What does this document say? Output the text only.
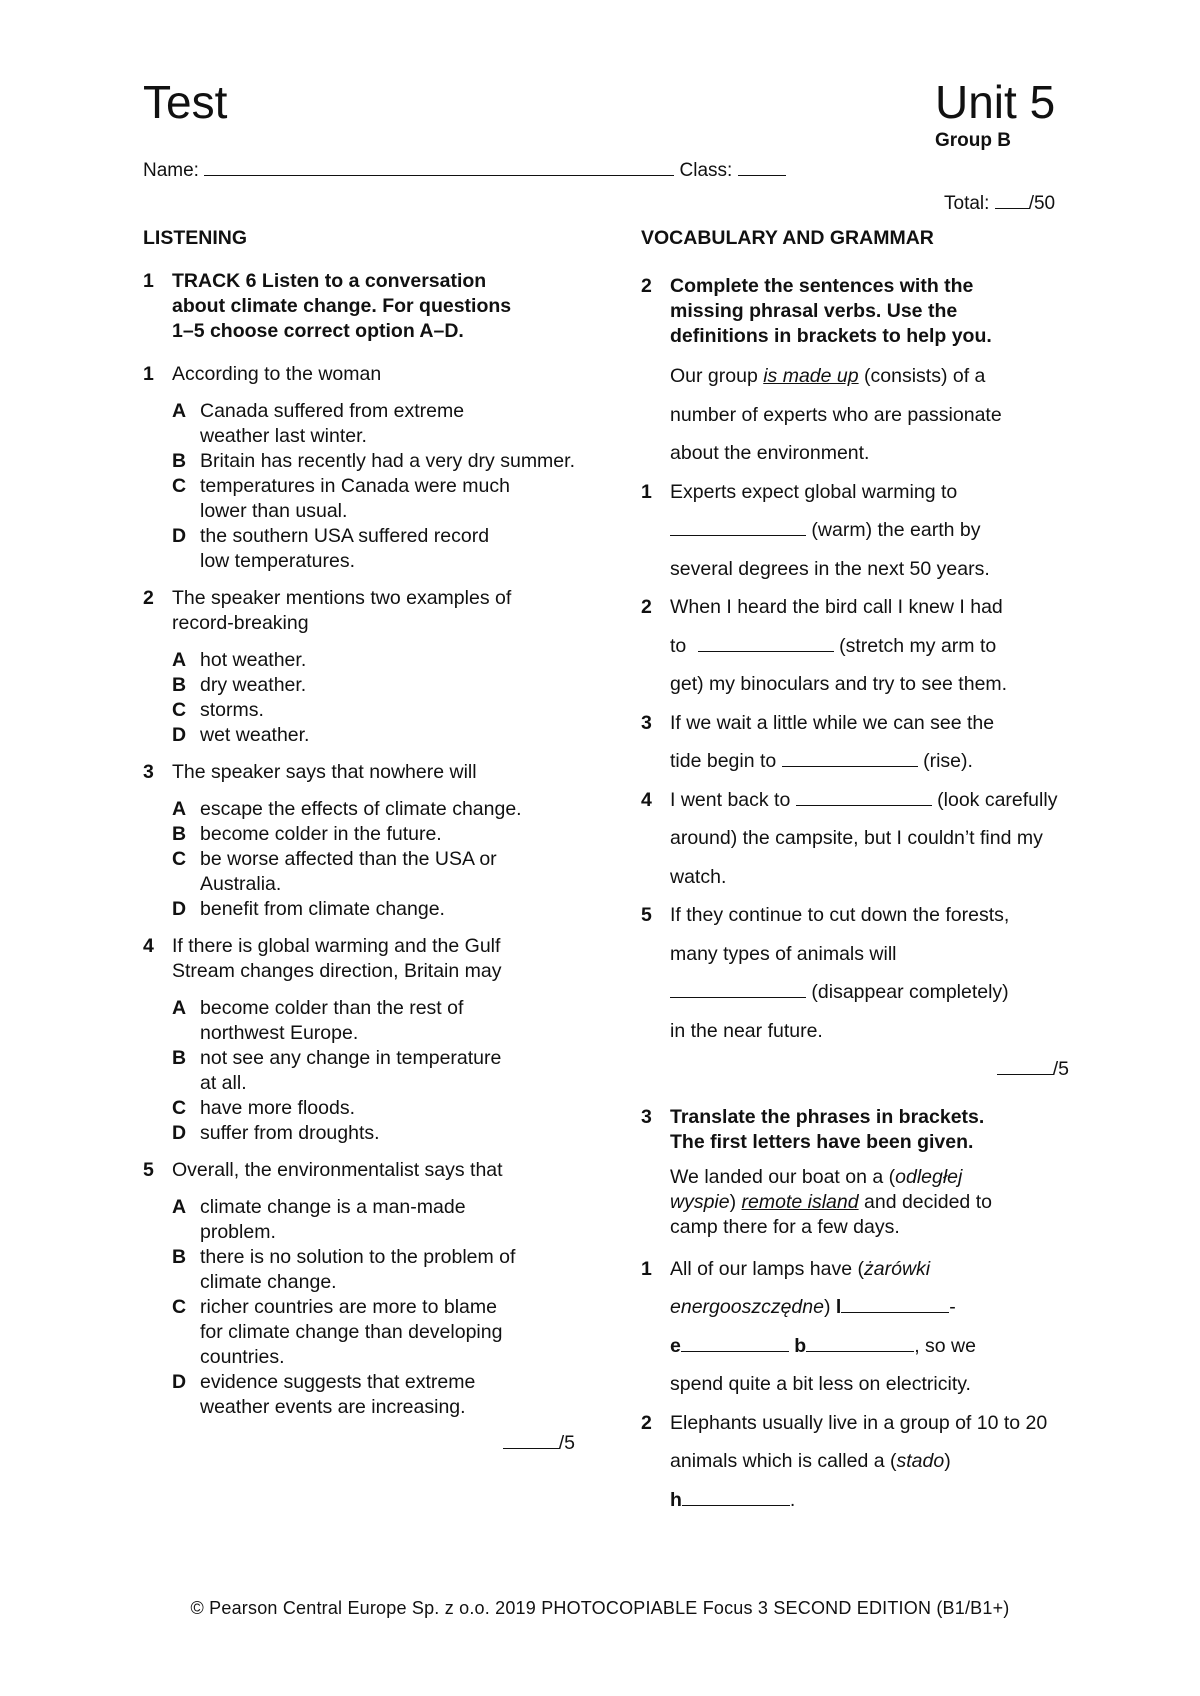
Test	Unit 5
Group B
Name:	Class:
Total: /50
LISTENING
1 TRACK 6 Listen to a conversation
about climate change. For questions
1–5 choose correct option A–D.
1 According to the woman
A Canada suffered from extreme
weather last winter.
B Britain has recently had a very dry summer.
C temperatures in Canada were much
lower than usual.
D the southern USA suffered record
low temperatures.
2 The speaker mentions two examples of
record-breaking
A hot weather.
B dry weather.
C storms.
D wet weather.
3 The speaker says that nowhere will
A escape the effects of climate change.
B become colder in the future.
C be worse affected than the USA or
Australia.
D benefit from climate change.
4 If there is global warming and the Gulf
Stream changes direction, Britain may
A become colder than the rest of
northwest Europe.
B not see any change in temperature
at all.
C have more floods.
D suffer from droughts.
5 Overall, the environmentalist says that
A climate change is a man-made
problem.
B there is no solution to the problem of
climate change.
C richer countries are more to blame
for climate change than developing
countries.
D evidence suggests that extreme
weather events are increasing.
/5
VOCABULARY AND GRAMMAR
2 Complete the sentences with the
missing phrasal verbs. Use the
definitions in brackets to help you.
Our group is made up (consists) of a
number of experts who are passionate
about the environment.
1 Experts expect global warming to
(warm) the earth by
several degrees in the next 50 years.
2 When I heard the bird call I knew I had
to	(stretch my arm to
get) my binoculars and try to see them.
3 If we wait a little while we can see the
tide begin to	(rise).
4 I went back to	(look carefully
around) the campsite, but I couldn’t find my
watch.
5 If they continue to cut down the forests,
many types of animals will
(disappear completely)
in the near future.
/5
3 Translate the phrases in brackets.
The first letters have been given.
We landed our boat on a (odległej
wyspie) remote island and decided to
camp there for a few days.
1 All of our lamps have (żarówki
energooszczędne) l	-
e	b	, so we
spend quite a bit less on electricity.
2 Elephants usually live in a group of 10 to 20
animals which is called a (stado)
h	.
© Pearson Central Europe Sp. z o.o. 2019 PHOTOCOPIABLE Focus 3 SECOND EDITION (B1/B1+)
